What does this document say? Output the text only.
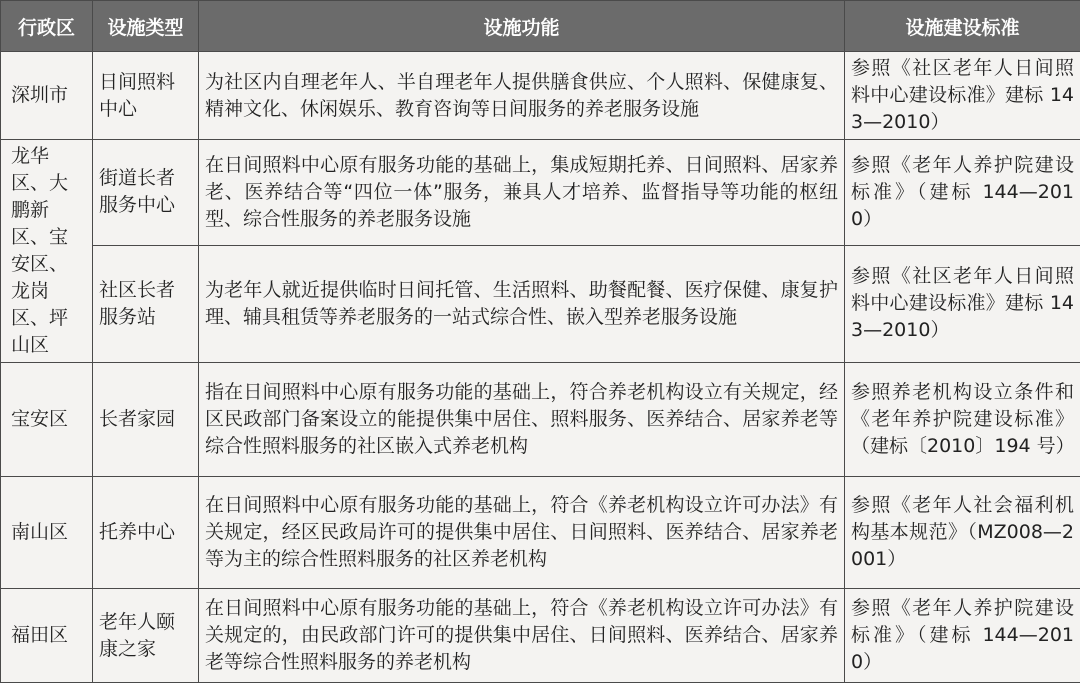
行政区	设施类型	设施功能	设施建设标准
深圳市	日间照料中心	为社区内自理老年人、半自理老年人提供膳食供应、个人照料、保健康复、精神文化、休闲娱乐、教育咨询等日间服务的养老服务设施	参照《社区老年人日间照料中心建设标准》建标 143—2010）
龙华区、大鹏新区、宝安区、龙岗区、坪山区	街道长者服务中心	在日间照料中心原有服务功能的基础上，集成短期托养、日间照料、居家养老、医养结合等“四位一体”服务，兼具人才培养、监督指导等功能的枢纽型、综合性服务的养老服务设施	参照《老年人养护院建设标准》（建标 144—2010）
	社区长者服务站	为老年人就近提供临时日间托管、生活照料、助餐配餐、医疗保健、康复护理、辅具租赁等养老服务的一站式综合性、嵌入型养老服务设施	参照《社区老年人日间照料中心建设标准》建标 143—2010）
宝安区	长者家园	指在日间照料中心原有服务功能的基础上，符合养老机构设立有关规定，经区民政部门备案设立的能提供集中居住、照料服务、医养结合、居家养老等综合性照料服务的社区嵌入式养老机构	参照养老机构设立条件和《老年养护院建设标准》（建标〔2010〕194 号）
南山区	托养中心	在日间照料中心原有服务功能的基础上，符合《养老机构设立许可办法》有关规定，经区民政局许可的提供集中居住、日间照料、医养结合、居家养老等为主的综合性照料服务的社区养老机构	参照《老年人社会福利机构基本规范》（MZ008—2001）
福田区	老年人颐康之家	在日间照料中心原有服务功能的基础上，符合《养老机构设立许可办法》有关规定的，由民政部门许可的提供集中居住、日间照料、医养结合、居家养老等综合性照料服务的养老机构	参照《老年人养护院建设标准》（建标 144—2010）
